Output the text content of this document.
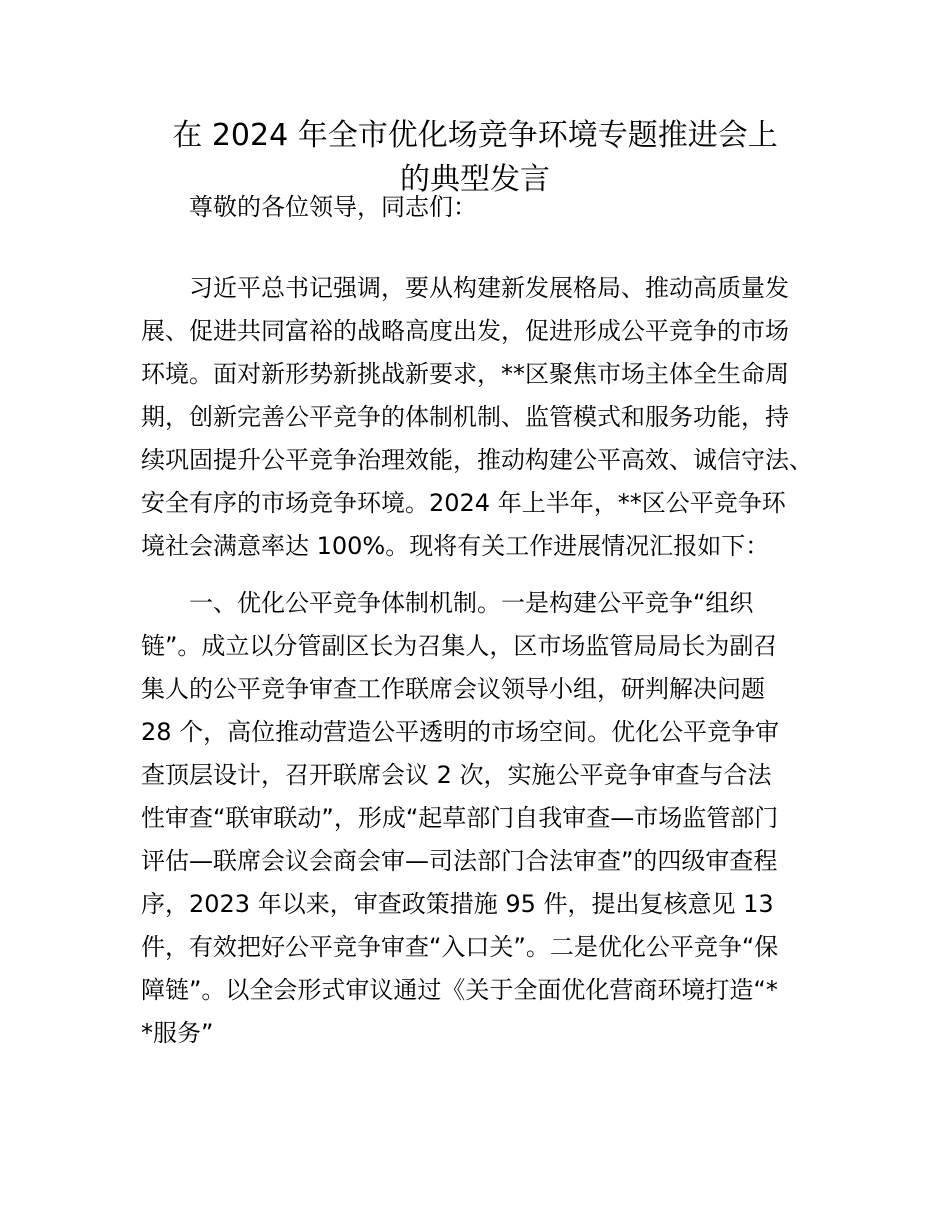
在 2024 年全市优化场竞争环境专题推进会上
的典型发言
尊敬的各位领导，同志们：
习近平总书记强调，要从构建新发展格局、推动高质量发
展、促进共同富裕的战略高度出发，促进形成公平竞争的市场
环境。面对新形势新挑战新要求，**区聚焦市场主体全生命周
期，创新完善公平竞争的体制机制、监管模式和服务功能，持
续巩固提升公平竞争治理效能，推动构建公平高效、诚信守法、
安全有序的市场竞争环境。2024 年上半年，**区公平竞争环
境社会满意率达 100%。现将有关工作进展情况汇报如下：
一、优化公平竞争体制机制。一是构建公平竞争“组织
链”。成立以分管副区长为召集人，区市场监管局局长为副召
集人的公平竞争审查工作联席会议领导小组，研判解决问题
28 个，高位推动营造公平透明的市场空间。优化公平竞争审
查顶层设计，召开联席会议 2 次，实施公平竞争审查与合法
性审查“联审联动”，形成“起草部门自我审查—市场监管部门
评估—联席会议会商会审—司法部门合法审查”的四级审查程
序，2023 年以来，审查政策措施 95 件，提出复核意见 13
件，有效把好公平竞争审查“入口关”。二是优化公平竞争“保
障链”。以全会形式审议通过《关于全面优化营商环境打造“*
*服务”
